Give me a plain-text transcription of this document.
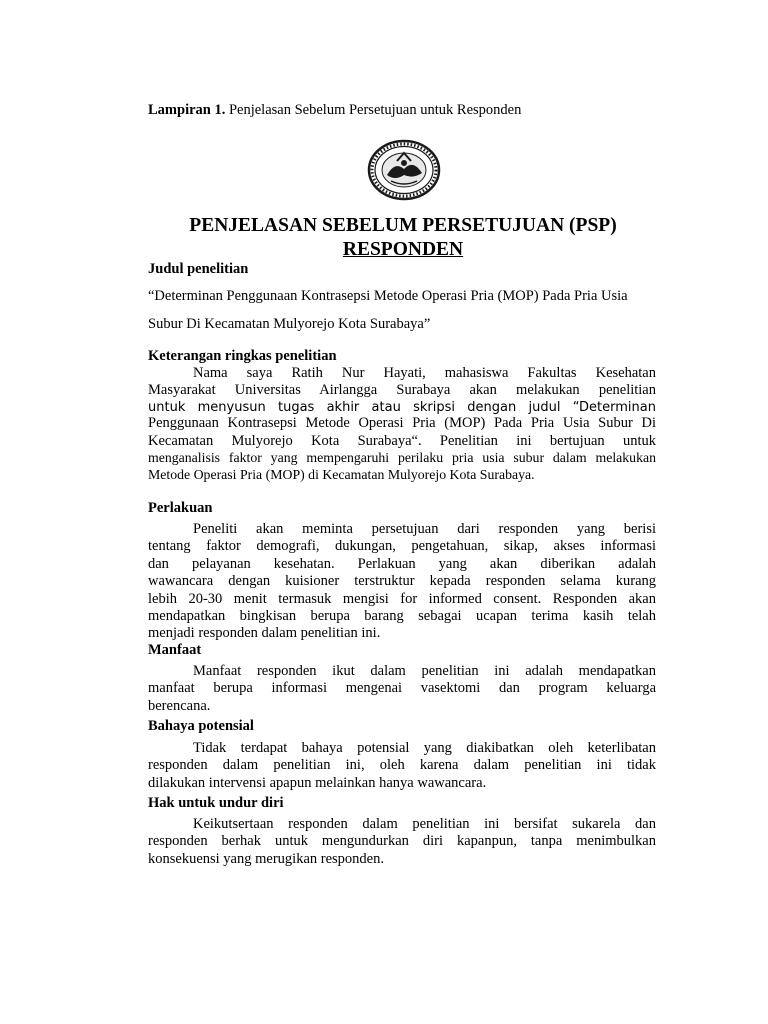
Lampiran 1. Penjelasan Sebelum Persetujuan untuk Responden
PENJELASAN SEBELUM PERSETUJUAN (PSP)
RESPONDEN
Judul penelitian
“Determinan Penggunaan Kontrasepsi Metode Operasi Pria (MOP) Pada Pria Usia
Subur Di Kecamatan Mulyorejo Kota Surabaya”
Keterangan ringkas penelitian
Nama saya Ratih Nur Hayati, mahasiswa Fakultas Kesehatan
Masyarakat Universitas Airlangga Surabaya akan melakukan penelitian
untuk menyusun tugas akhir atau skripsi dengan judul “Determinan
Penggunaan Kontrasepsi Metode Operasi Pria (MOP) Pada Pria Usia Subur Di
Kecamatan Mulyorejo Kota Surabaya“. Penelitian ini bertujuan untuk
menganalisis faktor yang mempengaruhi perilaku pria usia subur dalam melakukan
Metode Operasi Pria (MOP) di Kecamatan Mulyorejo Kota Surabaya.
Perlakuan
Peneliti akan meminta persetujuan dari responden yang berisi
tentang faktor demografi, dukungan, pengetahuan, sikap, akses informasi
dan pelayanan kesehatan. Perlakuan yang akan diberikan adalah
wawancara dengan kuisioner terstruktur kepada responden selama kurang
lebih 20-30 menit termasuk mengisi for informed consent. Responden akan
mendapatkan bingkisan berupa barang sebagai ucapan terima kasih telah
menjadi responden dalam penelitian ini.
Manfaat
Manfaat responden ikut dalam penelitian ini adalah mendapatkan
manfaat berupa informasi mengenai vasektomi dan program keluarga
berencana.
Bahaya potensial
Tidak terdapat bahaya potensial yang diakibatkan oleh keterlibatan
responden dalam penelitian ini, oleh karena dalam penelitian ini tidak
dilakukan intervensi apapun melainkan hanya wawancara.
Hak untuk undur diri
Keikutsertaan responden dalam penelitian ini bersifat sukarela dan
responden berhak untuk mengundurkan diri kapanpun, tanpa menimbulkan
konsekuensi yang merugikan responden.
